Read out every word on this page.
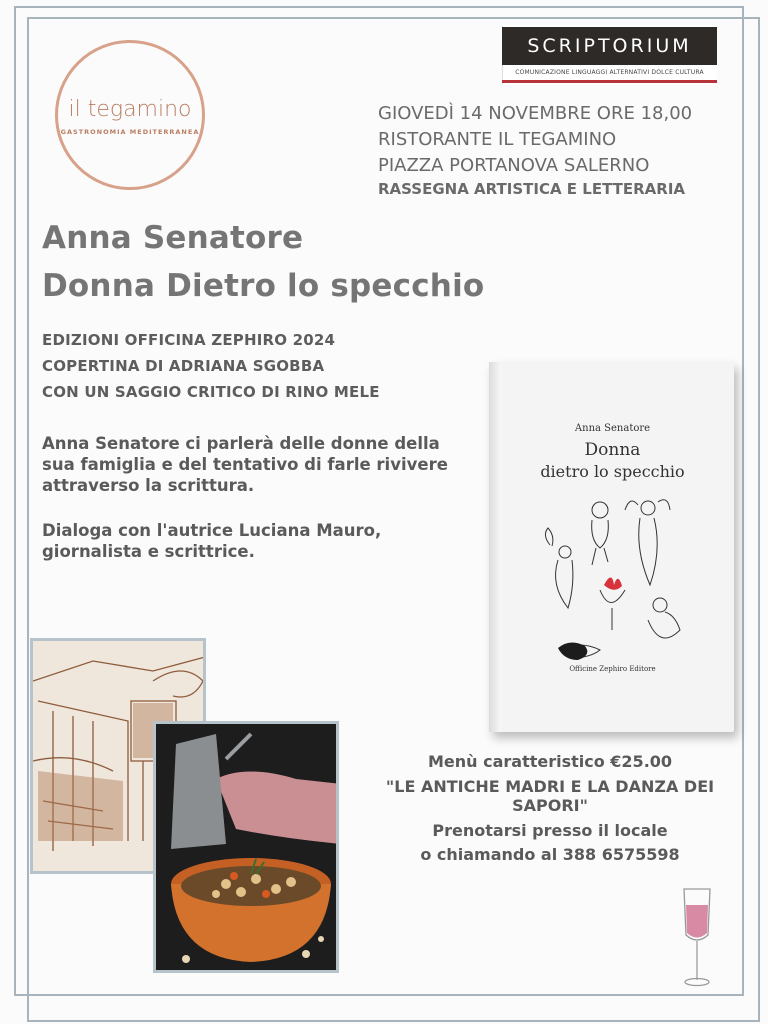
il tegamino
GASTRONOMIA MEDITERRANEA
SCRIPTORIUM
COMUNICAZIONE LINGUAGGI ALTERNATIVI DOLCE CULTURA
GIOVEDÌ 14 NOVEMBRE ORE 18,00
RISTORANTE IL TEGAMINO
PIAZZA PORTANOVA SALERNO
RASSEGNA ARTISTICA E LETTERARIA
Anna Senatore
Donna Dietro lo specchio
EDIZIONI OFFICINA ZEPHIRO 2024
COPERTINA DI ADRIANA SGOBBA
CON UN SAGGIO CRITICO DI RINO MELE
Anna Senatore ci parlerà delle donne della sua famiglia e del tentativo di farle rivivere attraverso la scrittura.
Dialoga con l'autrice Luciana Mauro, giornalista e scrittrice.
Anna Senatore
Donna
dietro lo specchio
Officine Zephiro Editore
Menù caratteristico €25.00
"LE ANTICHE MADRI E LA DANZA DEI SAPORI"
Prenotarsi presso il locale
o chiamando al 388 6575598
